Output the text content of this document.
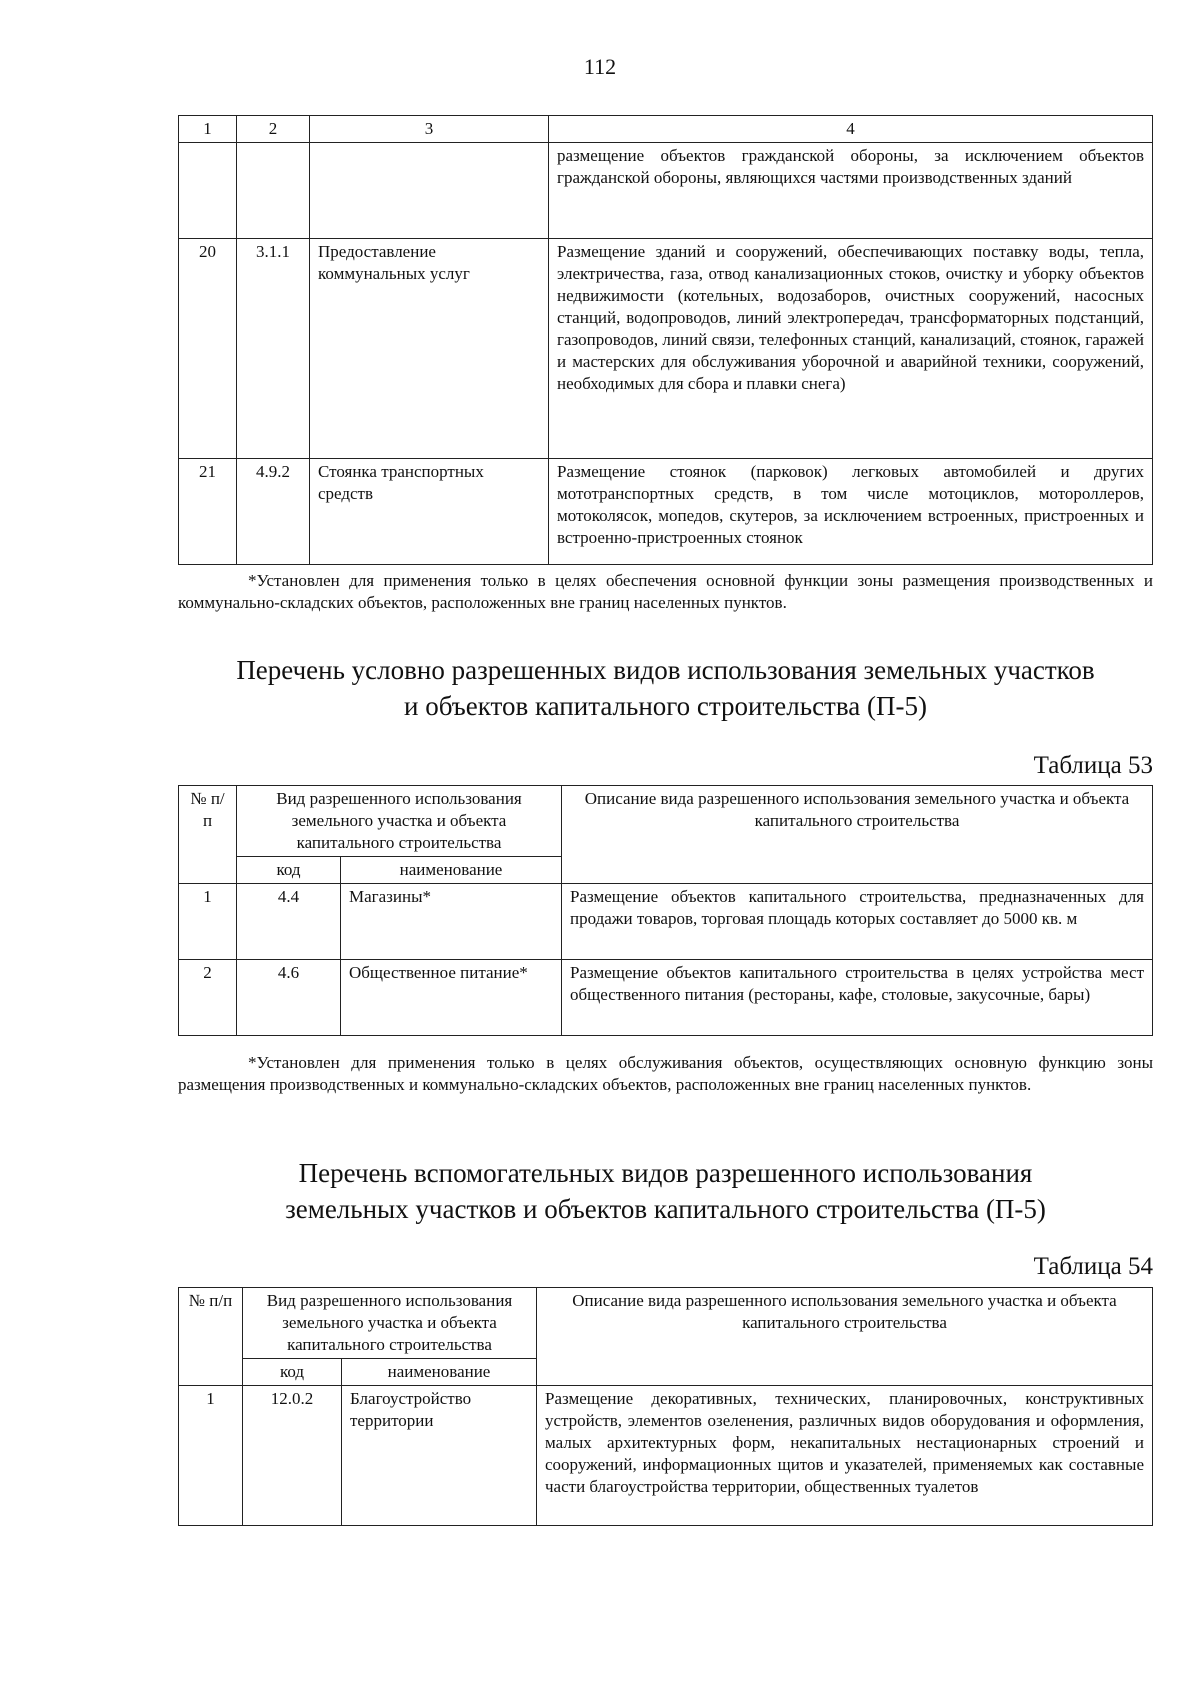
112
1	2	3	4
			размещение объектов гражданской обороны, за исключением объектов гражданской обороны, являющихся частями производственных зданий
20	3.1.1	Предоставление коммунальных услуг	Размещение зданий и сооружений, обеспечивающих поставку воды, тепла, электричества, газа, отвод канализационных стоков, очистку и уборку объектов недвижимости (котельных, водозаборов, очистных сооружений, насосных станций, водопроводов, линий электропередач, трансформаторных подстанций, газопроводов, линий связи, телефонных станций, канализаций, стоянок, гаражей и мастерских для обслуживания уборочной и аварийной техники, сооружений, необходимых для сбора и плавки снега)
21	4.9.2	Стоянка транспортных средств	Размещение стоянок (парковок) легковых автомобилей и других мототранспортных средств, в том числе мотоциклов, мотороллеров, мотоколясок, мопедов, скутеров, за исключением встроенных, пристроенных и встроенно-пристроенных стоянок
*Установлен для применения только в целях обеспечения основной функции зоны размещения производственных и коммунально-складских объектов, расположенных вне границ населенных пунктов.
Перечень условно разрешенных видов использования земельных участков
и объектов капитального строительства (П-5)
Таблица 53
№ п/п	Вид разрешенного использования земельного участка и объекта капитального строительства		Описание вида разрешенного использования земельного участка и объекта капитального строительства
	код	наименование	
1	4.4	Магазины*	Размещение объектов капитального строительства, предназначенных для продажи товаров, торговая площадь которых составляет до 5000 кв. м
2	4.6	Общественное питание*	Размещение объектов капитального строительства в целях устройства мест общественного питания (рестораны, кафе, столовые, закусочные, бары)
*Установлен для применения только в целях обслуживания объектов, осуществляющих основную функцию зоны размещения производственных и коммунально-складских объектов, расположенных вне границ населенных пунктов.
Перечень вспомогательных видов разрешенного использования
земельных участков и объектов капитального строительства (П-5)
Таблица 54
№ п/п	Вид разрешенного использования земельного участка и объекта капитального строительства		Описание вида разрешенного использования земельного участка и объекта капитального строительства
	код	наименование	
1	12.0.2	Благоустройство территории	Размещение декоративных, технических, планировочных, конструктивных устройств, элементов озеленения, различных видов оборудования и оформления, малых архитектурных форм, некапитальных нестационарных строений и сооружений, информационных щитов и указателей, применяемых как составные части благоустройства территории, общественных туалетов
